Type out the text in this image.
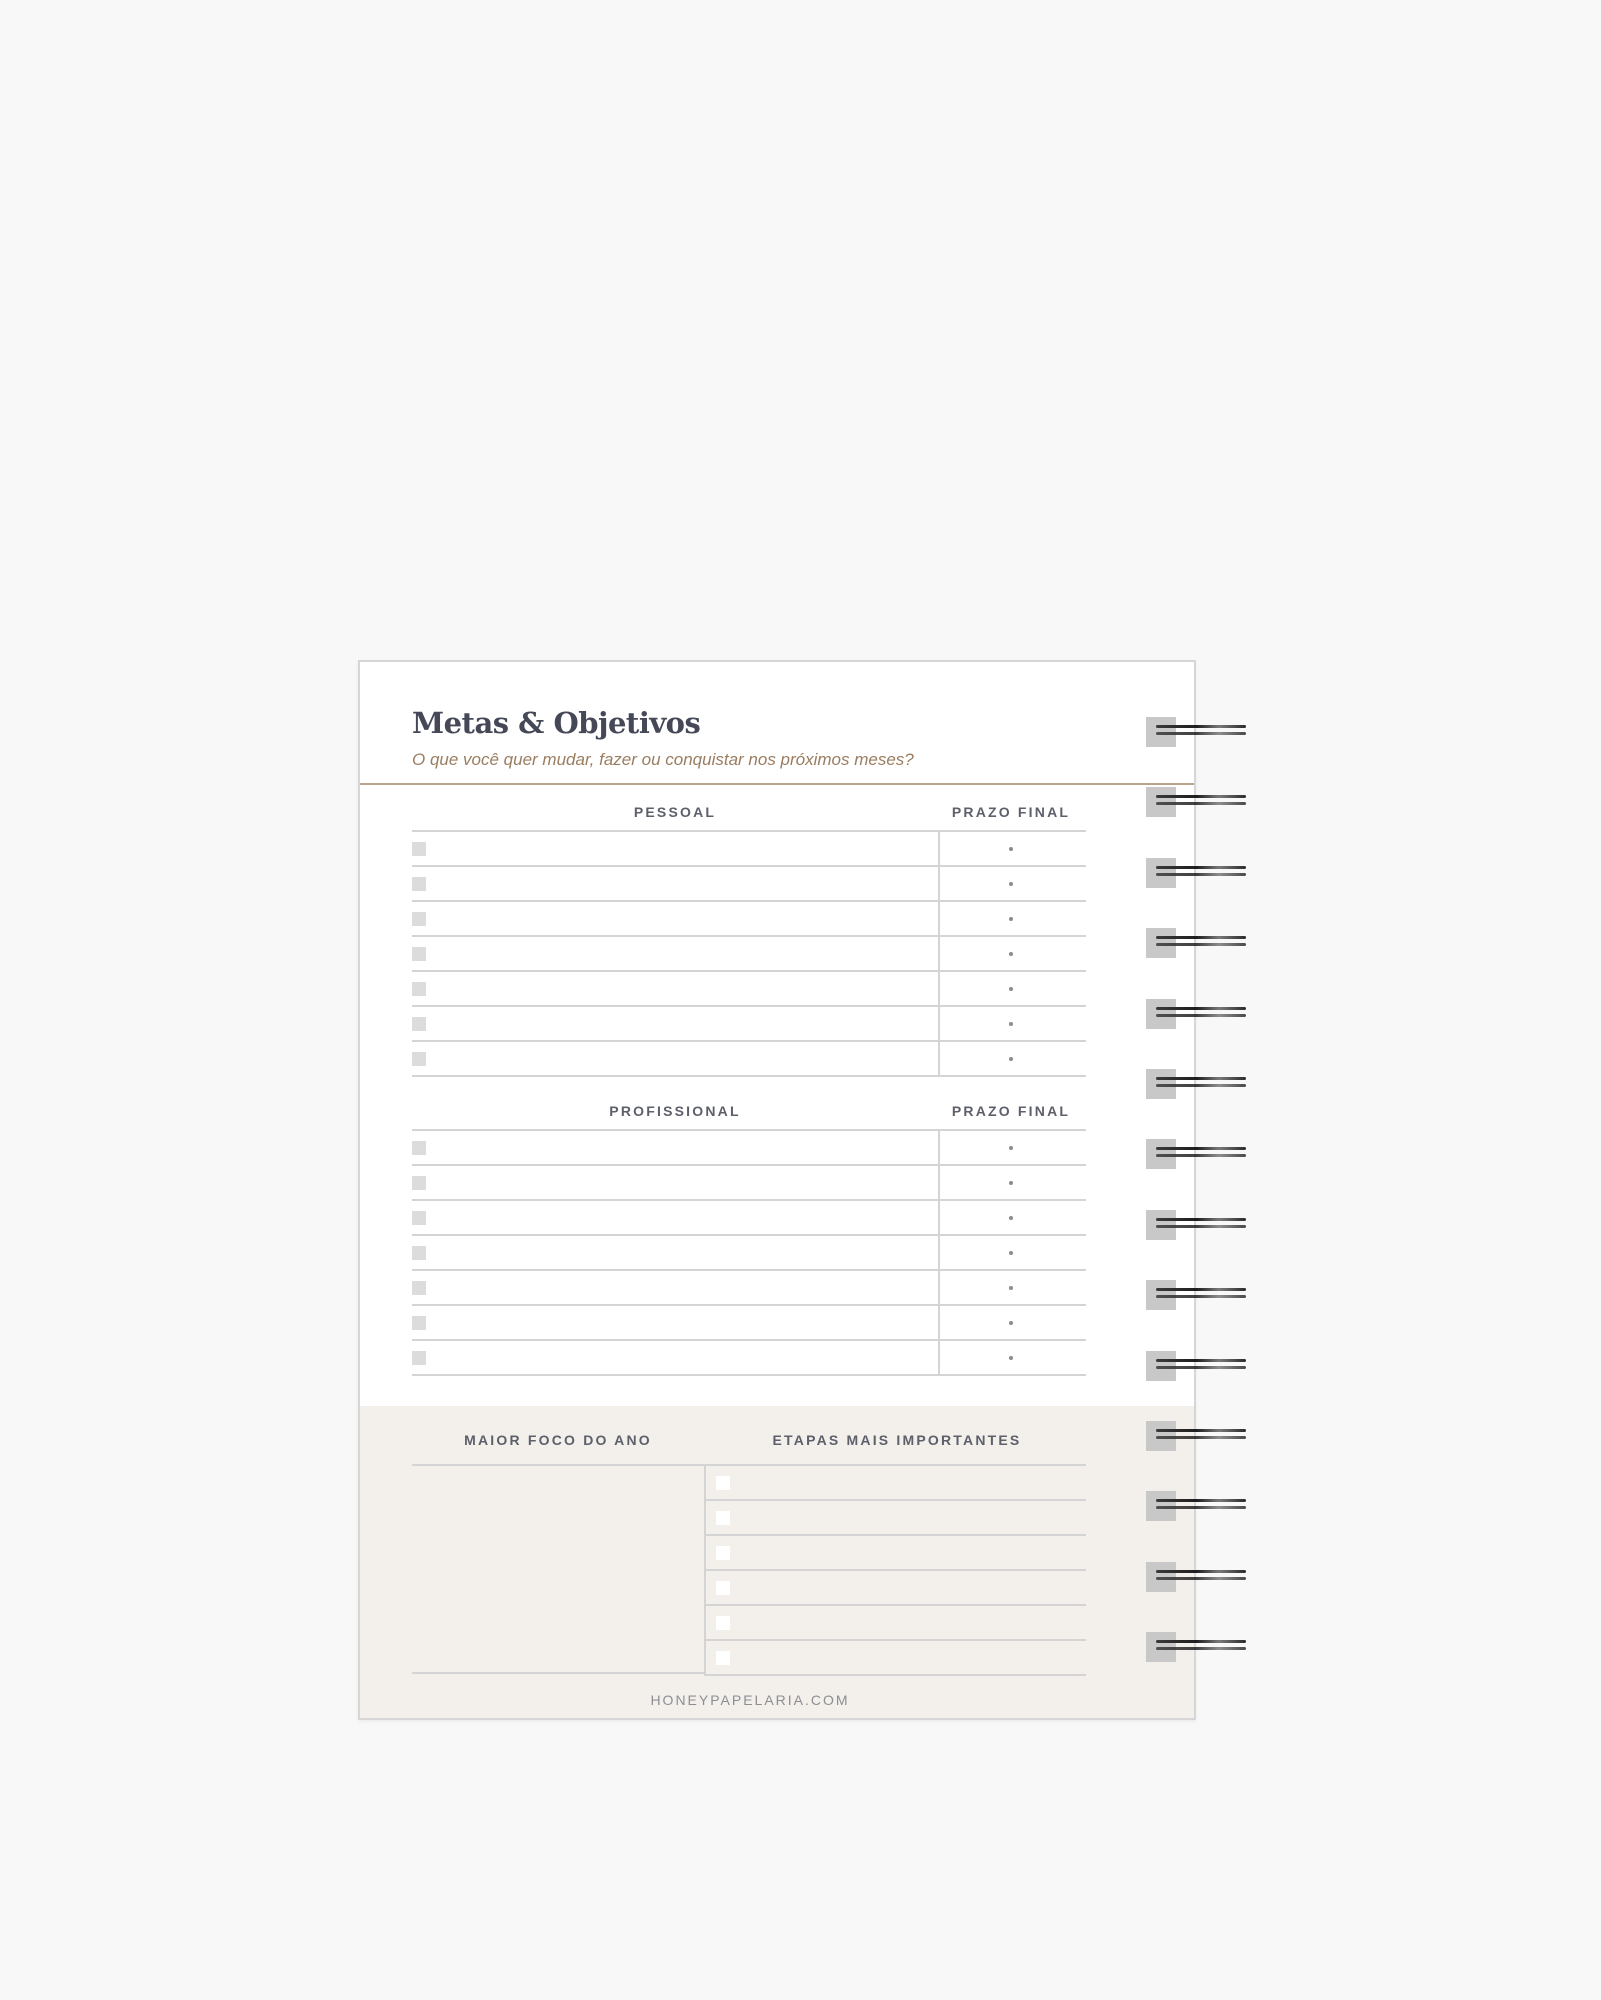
Metas & Objetivos
O que você quer mudar, fazer ou conquistar nos próximos meses?
PESSOAL	PRAZO FINAL
PROFISSIONAL	PRAZO FINAL
MAIOR FOCO DO ANO	ETAPAS MAIS IMPORTANTES
HONEYPAPELARIA.COM
